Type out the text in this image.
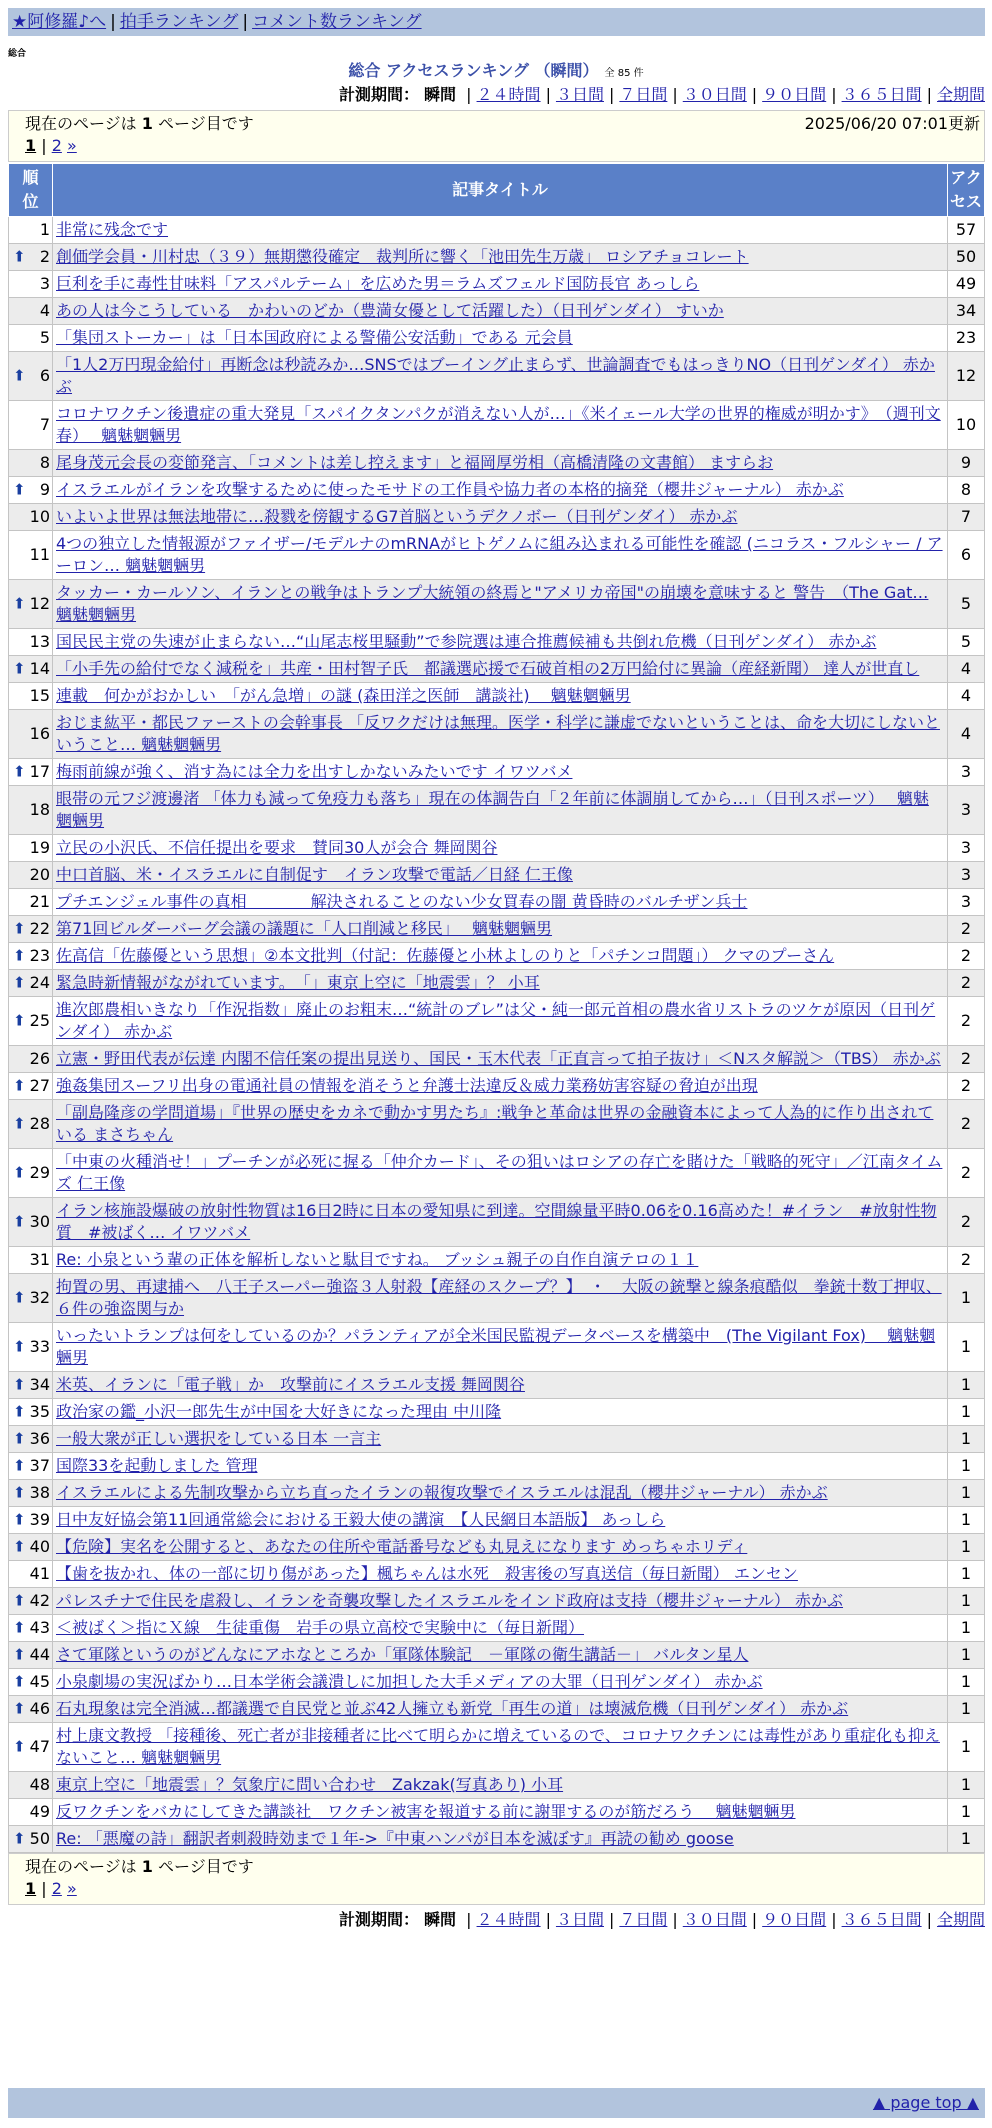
★阿修羅♪へ | 拍手ランキング | コメント数ランキング
総合
総合 アクセスランキング （瞬間） 全 85 件
計測期間： 瞬間 | ２４時間 | ３日間 | ７日間 | ３０日間 | ９０日間 | ３６５日間 | 全期間
現在のページは 1 ページ目です	2025/06/20 07:01更新
1 | 2 »
順位	記事タイトル	アクセス
1	非常に残念です	57

⬆ 2	創価学会員・川村忠（３９）無期懲役確定　裁判所に響く「池田先生万歳」 ロシアチョコレート	50
3	巨利を手に毒性甘味料「アスパルテーム」を広めた男＝ラムズフェルド国防長官 あっしら	49
4	あの人は今こうしている　かわいのどか（豊満女優として活躍した）（日刊ゲンダイ） すいか	34
5	「集団ストーカー」は「日本国政府による警備公安活動」である 元会員	23

⬆ 6	「1人2万円現金給付」再断念は秒読みか…SNSではブーイング止まらず、世論調査でもはっきりNO（日刊ゲンダイ） 赤かぶ	12
7	コロナワクチン後遺症の重大発見「スパイクタンパクが消えない人が…」《米イェール大学の世界的権威が明かす》　（週刊文春）　 魑魅魍魎男	10
8	尾身茂元会長の変節発言、「コメントは差し控えます」と福岡厚労相（高橋清隆の文書館） ますらお	9

⬆ 9	イスラエルがイランを攻撃するために使ったモサドの工作員や協力者の本格的摘発（櫻井ジャーナル） 赤かぶ	8
10	いよいよ世界は無法地帯に…殺戮を傍観するG7首脳というデクノボー（日刊ゲンダイ） 赤かぶ	7
11	4つの独立した情報源がファイザー/モデルナのmRNAがヒトゲノムに組み込まれる可能性を確認 (ニコラス・フルシャー / アーロン… 魑魅魍魎男	6

⬆ 12	タッカー・カールソン、イランとの戦争はトランプ大統領の終焉と"アメリカ帝国"の崩壊を意味すると 警告　（The Gat… 魑魅魍魎男	5
13	国民民主党の失速が止まらない…“山尾志桜里騒動”で参院選は連合推薦候補も共倒れ危機（日刊ゲンダイ） 赤かぶ	5

⬆ 14	「小手先の給付でなく減税を」共産・田村智子氏　都議選応援で石破首相の2万円給付に異論（産経新聞） 達人が世直し	4
15	連載　何かがおかしい　「がん急増」の謎 (森田洋之医師　講談社)　 魑魅魍魎男	4
16	おじま紘平・都民ファーストの会幹事長 「反ワクだけは無理。医学・科学に謙虚でないということは、命を大切にしないということ… 魑魅魍魎男	4

⬆ 17	梅雨前線が強く、消す為には全力を出すしかないみたいです イワツバメ	3
18	眼帯の元フジ渡邊渚 「体力も減って免疫力も落ち」現在の体調告白「２年前に体調崩してから…」（日刊スポーツ）　 魑魅魍魎男	3
19	立民の小沢氏、不信任提出を要求　賛同30人が会合 舞岡関谷	3
20	中口首脳、米・イスラエルに自制促す　イラン攻撃で電話／日経 仁王像	3
21	プチエンジェル事件の真相　　　　解決されることのない少女買春の闇 黄昏時のバルチザン兵士	3

⬆ 22	第71回ビルダーバーグ会議の議題に「人口削減と移民」　 魑魅魍魎男	2

⬆ 23	佐高信「佐藤優という思想」②本文批判（付記：佐藤優と小林よしのりと「パチンコ問題」） クマのプーさん	2

⬆ 24	緊急時新情報がながれています。　「」東京上空に「地震雲」？ 小耳	2

⬆ 25	進次郎農相いきなり「作況指数」廃止のお粗末…“統計のブレ”は父・純一郎元首相の農水省リストラのツケが原因（日刊ゲンダイ） 赤かぶ	2
26	立憲・野田代表が伝達 内閣不信任案の提出見送り、国民・玉木代表「正直言って拍子抜け」＜Nスタ解説＞（TBS） 赤かぶ	2

⬆ 27	強姦集団スーフリ出身の電通社員の情報を消そうと弁護士法違反＆威力業務妨害容疑の脅迫が出現	2

⬆ 28	「副島隆彦の学問道場」『世界の歴史をカネで動かす男たち』:戦争と革命は世界の金融資本によって人為的に作り出されている まさちゃん	2

⬆ 29	「中東の火種消せ！」プーチンが必死に握る「仲介カード」、その狙いはロシアの存亡を賭けた「戦略的死守」／江南タイムズ 仁王像	2

⬆ 30	イラン核施設爆破の放射性物質は16日2時に日本の愛知県に到達。空間線量平時0.06を0.16高めた！#イラン　#放射性物質　#被ばく… イワツバメ	2
31	Re: 小泉という輩の正体を解析しないと駄目ですね。 ブッシュ親子の自作自演テロの１１	2

⬆ 32	拘置の男、再逮捕へ　八王子スーパー強盗３人射殺【産経のスクープ？】　・　大阪の銃撃と線条痕酷似　拳銃十数丁押収、６件の強盗関与か	1

⬆ 33	いったいトランプは何をしているのか？パランティアが全米国民監視データベースを構築中　(The Vigilant Fox)　 魑魅魍魎男	1

⬆ 34	米英、イランに「電子戦」か　攻撃前にイスラエル支援 舞岡関谷	1

⬆ 35	政治家の鑑_小沢一郎先生が中国を大好きになった理由 中川隆	1

⬆ 36	一般大衆が正しい選択をしている日本 一言主	1

⬆ 37	国際33を起動しました 管理	1

⬆ 38	イスラエルによる先制攻撃から立ち直ったイランの報復攻撃でイスラエルは混乱（櫻井ジャーナル） 赤かぶ	1

⬆ 39	日中友好協会第11回通常総会における王毅大使の講演　【人民網日本語版】 あっしら	1

⬆ 40	【危険】実名を公開すると、あなたの住所や電話番号なども丸見えになります めっちゃホリディ	1
41	【歯を抜かれ、体の一部に切り傷があった】楓ちゃんは水死　殺害後の写真送信（毎日新聞） エンセン	1

⬆ 42	パレスチナで住民を虐殺し、イランを奇襲攻撃したイスラエルをインド政府は支持（櫻井ジャーナル） 赤かぶ	1

⬆ 43	＜被ばく＞指にＸ線　生徒重傷　岩手の県立高校で実験中に（毎日新聞）	1

⬆ 44	さて軍隊というのがどんなにアホなところか「軍隊体験記　－軍隊の衛生講話－」 バルタン星人	1

⬆ 45	小泉劇場の実況ばかり…日本学術会議潰しに加担した大手メディアの大罪（日刊ゲンダイ） 赤かぶ	1

⬆ 46	石丸現象は完全消滅…都議選で自民党と並ぶ42人擁立も新党「再生の道」は壊滅危機（日刊ゲンダイ） 赤かぶ	1

⬆ 47	村上康文教授 「接種後、死亡者が非接種者に比べて明らかに増えているので、コロナワクチンには毒性があり重症化も抑えないこと… 魑魅魍魎男	1
48	東京上空に「地震雲」？気象庁に問い合わせ　Zakzak(写真あり) 小耳	1
49	反ワクチンをバカにしてきた講談社　ワクチン被害を報道する前に謝罪するのが筋だろう　 魑魅魍魎男	1

⬆ 50	Re: 「悪魔の詩」翻訳者刺殺時効まで１年->『中東ハンパが日本を滅ぼす』再読の勧め goose	1
現在のページは 1 ページ目です
1 | 2 »
計測期間： 瞬間 | ２４時間 | ３日間 | ７日間 | ３０日間 | ９０日間 | ３６５日間 | 全期間
▲ page top ▲
